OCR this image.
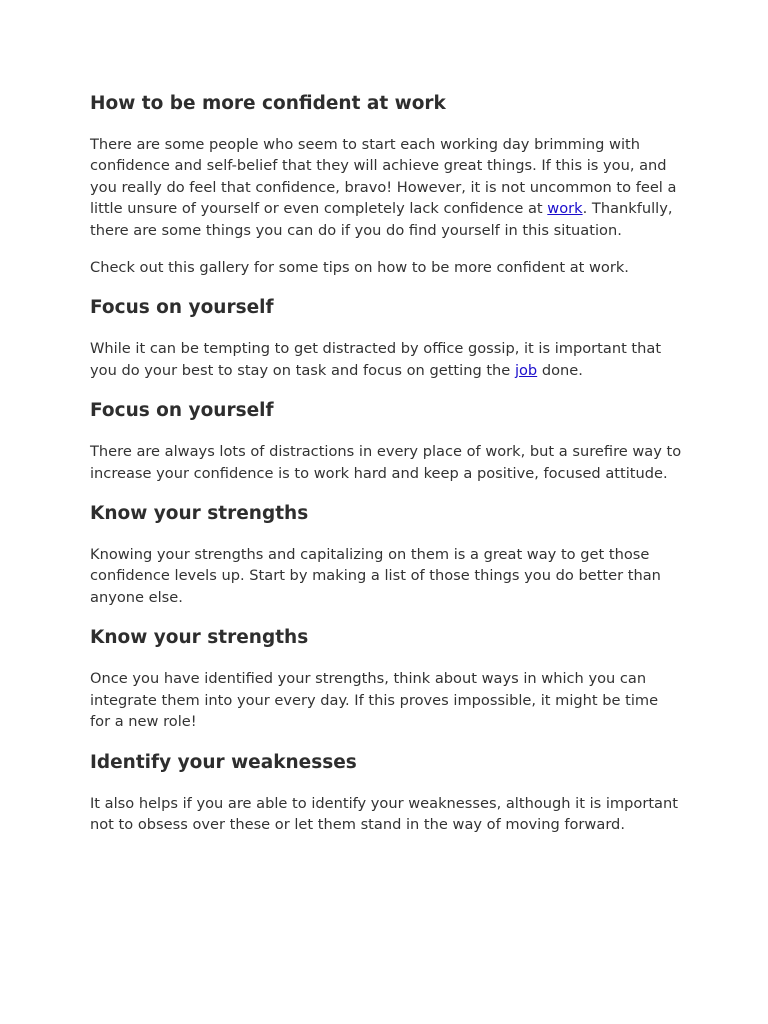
How to be more confident at work

There are some people who seem to start each working day brimming with confidence and self-belief that they will achieve great things. If this is you, and you really do feel that confidence, bravo! However, it is not uncommon to feel a little unsure of yourself or even completely lack confidence at work. Thankfully, there are some things you can do if you do find yourself in this situation.

Check out this gallery for some tips on how to be more confident at work.

Focus on yourself

While it can be tempting to get distracted by office gossip, it is important that you do your best to stay on task and focus on getting the job done.

Focus on yourself

There are always lots of distractions in every place of work, but a surefire way to increase your confidence is to work hard and keep a positive, focused attitude.

Know your strengths

Knowing your strengths and capitalizing on them is a great way to get those confidence levels up. Start by making a list of those things you do better than anyone else.

Know your strengths

Once you have identified your strengths, think about ways in which you can integrate them into your every day. If this proves impossible, it might be time for a new role!

Identify your weaknesses

It also helps if you are able to identify your weaknesses, although it is important not to obsess over these or let them stand in the way of moving forward.
